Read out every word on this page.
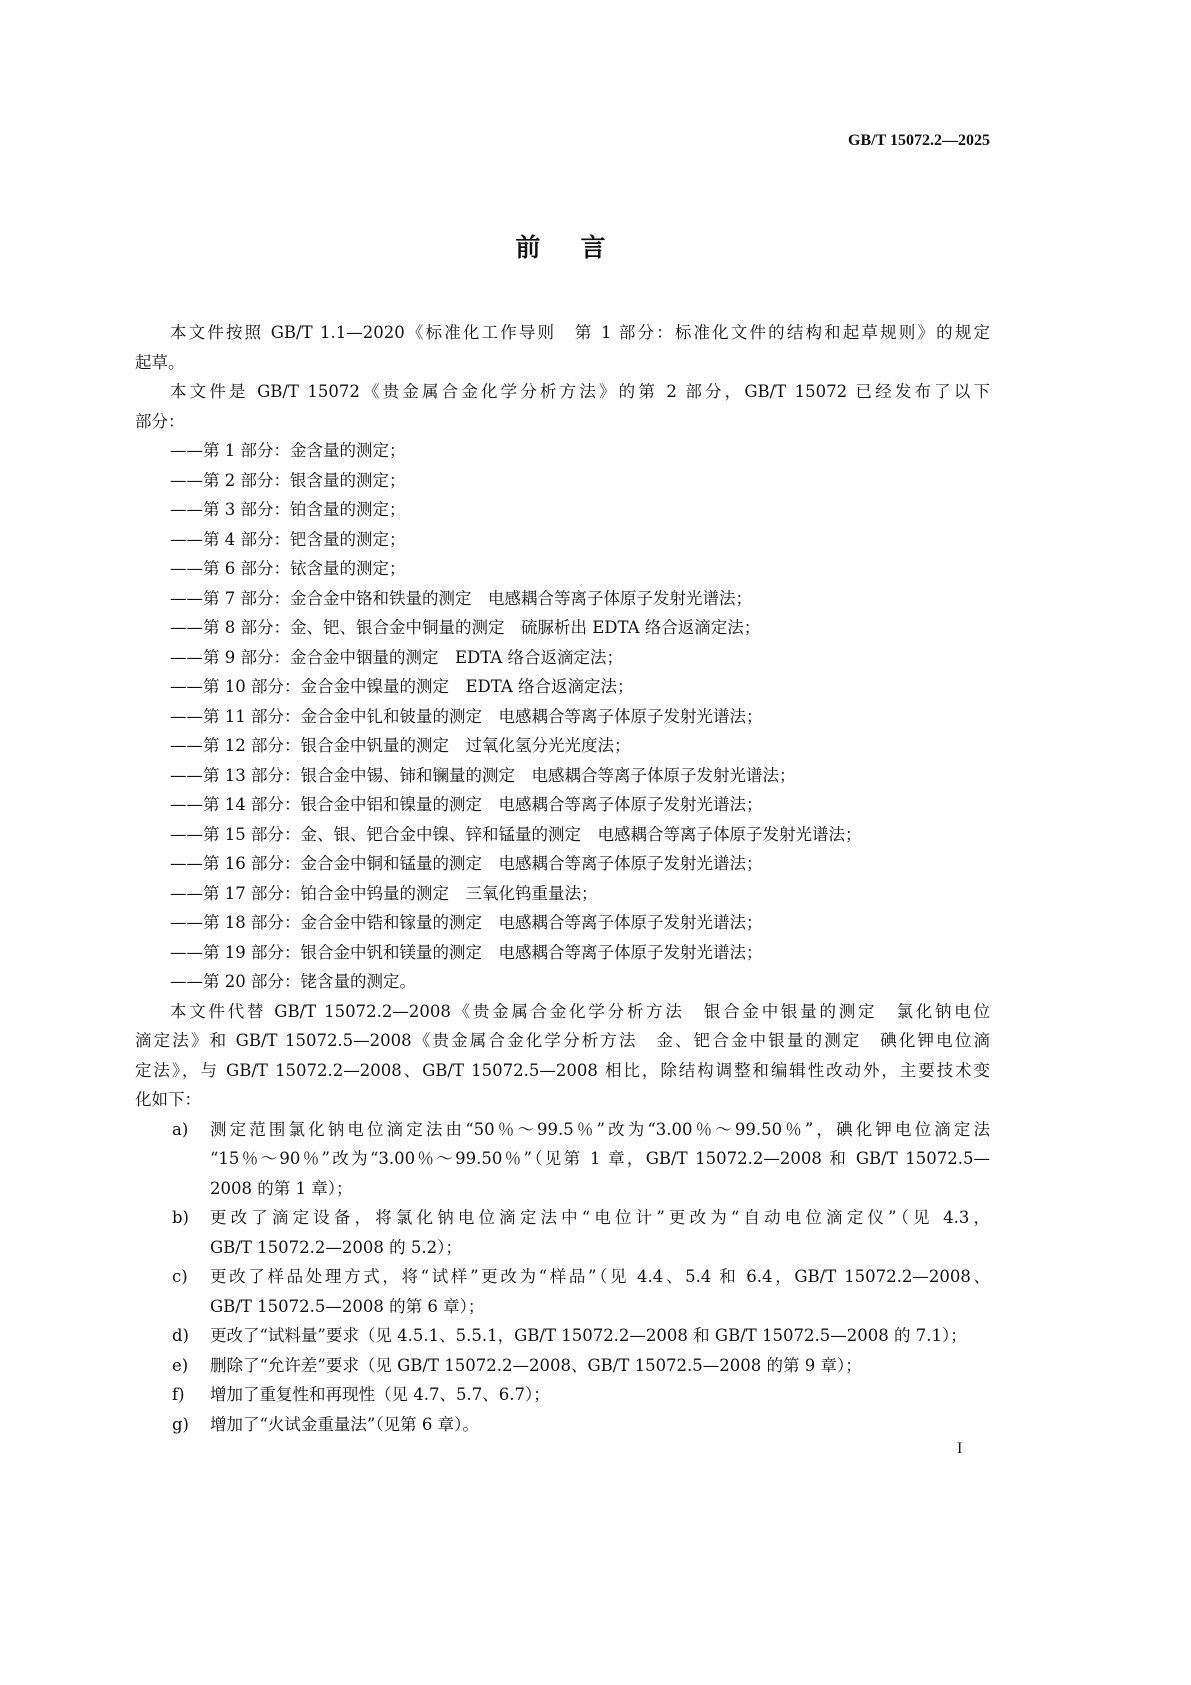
GB/T 15072.2—2025
前言
本文件按照 GB/T 1.1—2020《标准化工作导则　第 1 部分：标准化文件的结构和起草规则》的规定
起草。
本文件是 GB/T 15072《贵金属合金化学分析方法》的第 2 部分，GB/T 15072 已经发布了以下
部分：
——第 1 部分：金含量的测定；
——第 2 部分：银含量的测定；
——第 3 部分：铂含量的测定；
——第 4 部分：钯含量的测定；
——第 6 部分：铱含量的测定；
——第 7 部分：金合金中铬和铁量的测定　电感耦合等离子体原子发射光谱法；
——第 8 部分：金、钯、银合金中铜量的测定　硫脲析出 EDTA 络合返滴定法；
——第 9 部分：金合金中铟量的测定　EDTA 络合返滴定法；
——第 10 部分：金合金中镍量的测定　EDTA 络合返滴定法；
——第 11 部分：金合金中钆和铍量的测定　电感耦合等离子体原子发射光谱法；
——第 12 部分：银合金中钒量的测定　过氧化氢分光光度法；
——第 13 部分：银合金中锡、铈和镧量的测定　电感耦合等离子体原子发射光谱法；
——第 14 部分：银合金中铝和镍量的测定　电感耦合等离子体原子发射光谱法；
——第 15 部分：金、银、钯合金中镍、锌和锰量的测定　电感耦合等离子体原子发射光谱法；
——第 16 部分：金合金中铜和锰量的测定　电感耦合等离子体原子发射光谱法；
——第 17 部分：铂合金中钨量的测定　三氧化钨重量法；
——第 18 部分：金合金中锆和镓量的测定　电感耦合等离子体原子发射光谱法；
——第 19 部分：银合金中钒和镁量的测定　电感耦合等离子体原子发射光谱法；
——第 20 部分：铑含量的测定。
本文件代替 GB/T 15072.2—2008《贵金属合金化学分析方法　银合金中银量的测定　氯化钠电位
滴定法》和 GB/T 15072.5—2008《贵金属合金化学分析方法　金、钯合金中银量的测定　碘化钾电位滴
定法》，与 GB/T 15072.2—2008、GB/T 15072.5—2008 相比，除结构调整和编辑性改动外，主要技术变
化如下：
a) 测定范围氯化钠电位滴定法由“50％～99.5％”改为“3.00％～99.50％”，碘化钾电位滴定法
“15％～90％”改为“3.00％～99.50％”（见第 1 章，GB/T 15072.2—2008 和 GB/T 15072.5—
2008 的第 1 章）；
b) 更改了滴定设备，将氯化钠电位滴定法中“电位计”更改为“自动电位滴定仪”（见 4.3，
GB/T 15072.2—2008 的 5.2）；
c) 更改了样品处理方式，将“试样”更改为“样品”（见 4.4、5.4 和 6.4，GB/T 15072.2—2008、
GB/T 15072.5—2008 的第 6 章）；
d) 更改了“试料量”要求（见 4.5.1、5.5.1，GB/T 15072.2—2008 和 GB/T 15072.5—2008 的 7.1）；
e) 删除了“允许差”要求（见 GB/T 15072.2—2008、GB/T 15072.5—2008 的第 9 章）；
f) 增加了重复性和再现性（见 4.7、5.7、6.7）；
g) 增加了“火试金重量法”（见第 6 章）。
I
